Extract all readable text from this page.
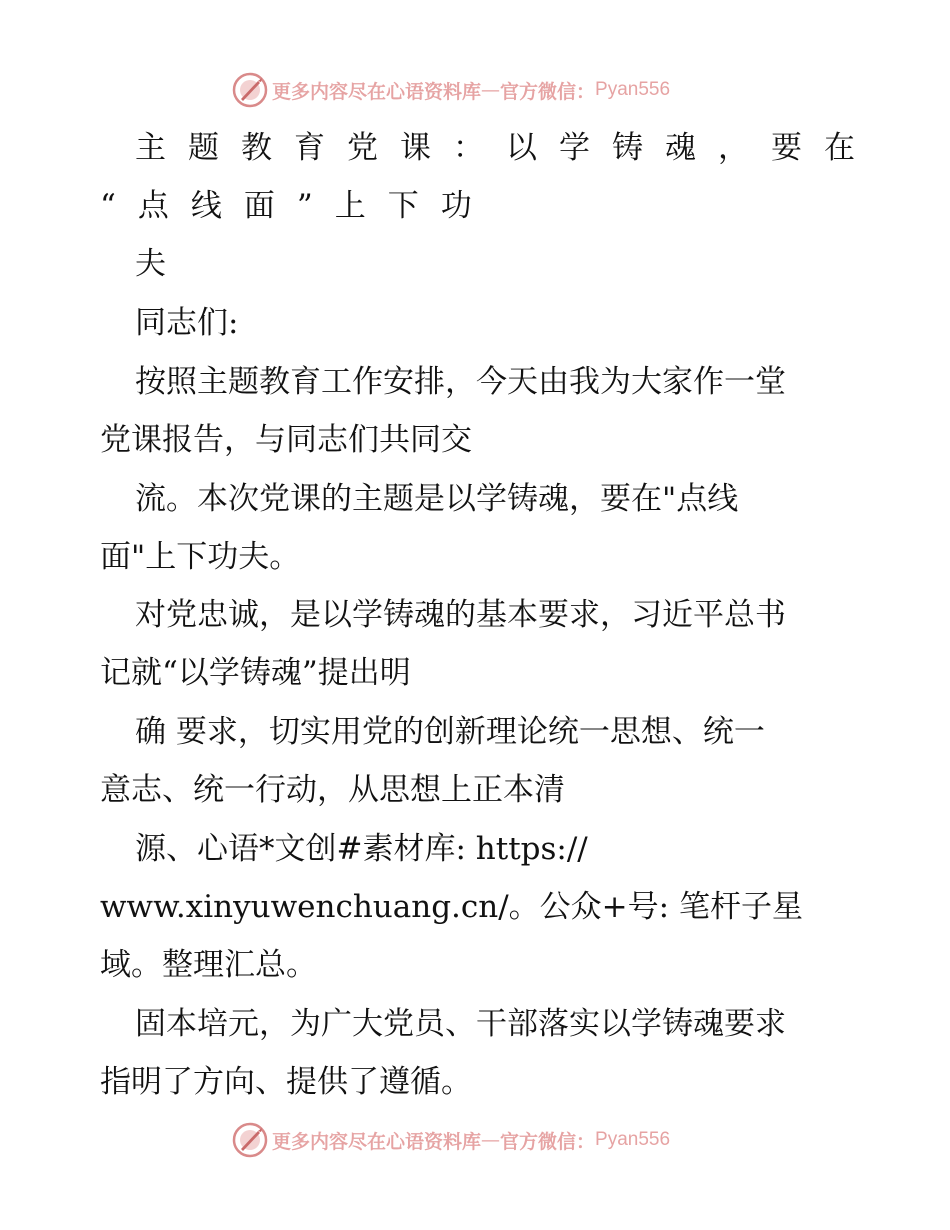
更多内容尽在心语资料库 — 官方微信： Pyan556
主题教育党课：以学铸魂，要在
“点线面”上下功
夫
同志们:
按照主题教育工作安排，今天由我为大家作一堂
党课报告，与同志们共同交
流。本次党课的主题是以学铸魂，要在"点线
面"上下功夫。
对党忠诚，是以学铸魂的基本要求，习近平总书
记就“以学铸魂”提出明
确 要求，切实用党的创新理论统一思想、统一
意志、统一行动，从思想上正本清
源、心语*文创#素材库: https://
www.xinyuwenchuang.cn/。公众+号: 笔杆子星
域。整理汇总。
固本培元，为广大党员、干部落实以学铸魂要求
指明了方向、提供了遵循。
更多内容尽在心语资料库 — 官方微信： Pyan556
